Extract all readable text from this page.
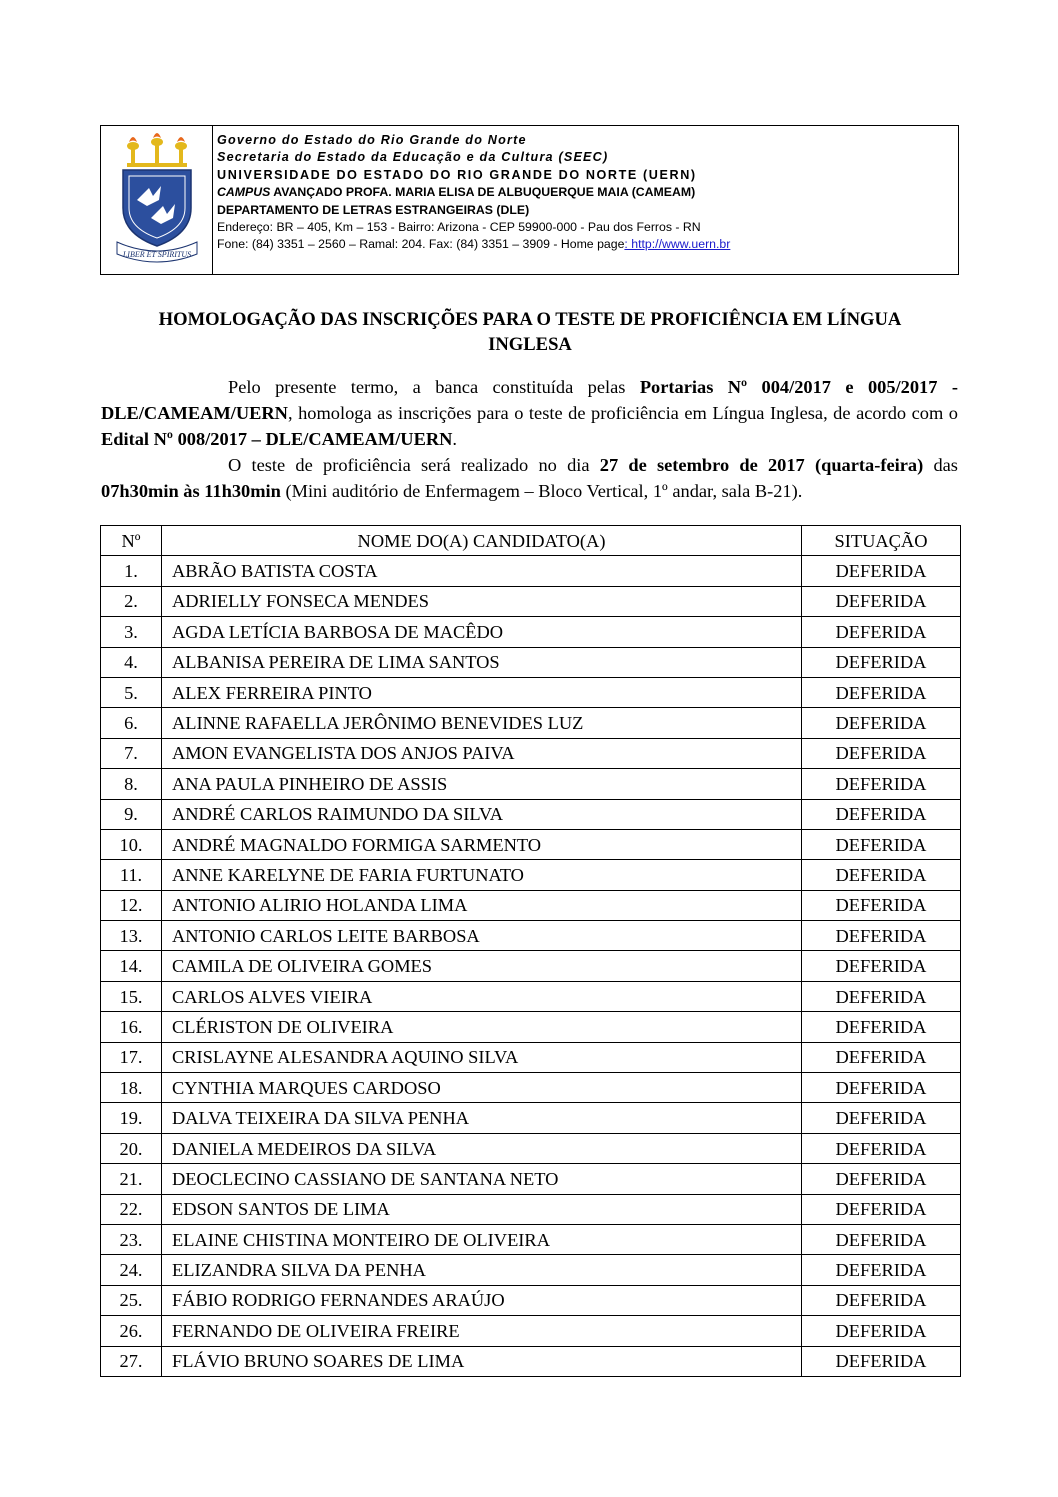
LIBER ET SPIRITUS
Governo do Estado do Rio Grande do Norte
Secretaria do Estado da Educação e da Cultura (SEEC)
UNIVERSIDADE DO ESTADO DO RIO GRANDE DO NORTE (UERN)
CAMPUS AVANÇADO PROFA. MARIA ELISA DE ALBUQUERQUE MAIA (CAMEAM)
DEPARTAMENTO DE LETRAS ESTRANGEIRAS (DLE)
Endereço: BR – 405, Km – 153 - Bairro: Arizona - CEP 59900-000 - Pau dos Ferros - RN
Fone: (84) 3351 – 2560 – Ramal: 204. Fax: (84) 3351 – 3909 - Home page: http://www.uern.br
HOMOLOGAÇÃO DAS INSCRIÇÕES PARA O TESTE DE PROFICIÊNCIA EM LÍNGUA
INGLESA
Pelo presente termo, a banca constituída pelas Portarias Nº 004/2017 e 005/2017 - DLE/CAMEAM/UERN, homologa as inscrições para o teste de proficiência em Língua Inglesa, de acordo com o Edital Nº 008/2017 – DLE/CAMEAM/UERN.
O teste de proficiência será realizado no dia 27 de setembro de 2017 (quarta-feira) das 07h30min às 11h30min (Mini auditório de Enfermagem – Bloco Vertical, 1º andar, sala B-21).
Nº	NOME DO(A) CANDIDATO(A)	SITUAÇÃO
1.	ABRÃO BATISTA COSTA	DEFERIDA
2.	ADRIELLY FONSECA MENDES	DEFERIDA
3.	AGDA LETÍCIA BARBOSA DE MACÊDO	DEFERIDA
4.	ALBANISA PEREIRA DE LIMA SANTOS	DEFERIDA
5.	ALEX FERREIRA PINTO	DEFERIDA
6.	ALINNE RAFAELLA JERÔNIMO BENEVIDES LUZ	DEFERIDA
7.	AMON EVANGELISTA DOS ANJOS PAIVA	DEFERIDA
8.	ANA PAULA PINHEIRO DE ASSIS	DEFERIDA
9.	ANDRÉ CARLOS RAIMUNDO DA SILVA	DEFERIDA
10.	ANDRÉ MAGNALDO FORMIGA SARMENTO	DEFERIDA
11.	ANNE KARELYNE DE FARIA FURTUNATO	DEFERIDA
12.	ANTONIO ALIRIO HOLANDA LIMA	DEFERIDA
13.	ANTONIO CARLOS LEITE BARBOSA	DEFERIDA
14.	CAMILA DE OLIVEIRA GOMES	DEFERIDA
15.	CARLOS ALVES VIEIRA	DEFERIDA
16.	CLÉRISTON DE OLIVEIRA	DEFERIDA
17.	CRISLAYNE ALESANDRA AQUINO SILVA	DEFERIDA
18.	CYNTHIA MARQUES CARDOSO	DEFERIDA
19.	DALVA TEIXEIRA DA SILVA PENHA	DEFERIDA
20.	DANIELA MEDEIROS DA SILVA	DEFERIDA
21.	DEOCLECINO CASSIANO DE SANTANA NETO	DEFERIDA
22.	EDSON SANTOS DE LIMA	DEFERIDA
23.	ELAINE CHISTINA MONTEIRO DE OLIVEIRA	DEFERIDA
24.	ELIZANDRA SILVA DA PENHA	DEFERIDA
25.	FÁBIO RODRIGO FERNANDES ARAÚJO	DEFERIDA
26.	FERNANDO DE OLIVEIRA FREIRE	DEFERIDA
27.	FLÁVIO BRUNO SOARES DE LIMA	DEFERIDA
